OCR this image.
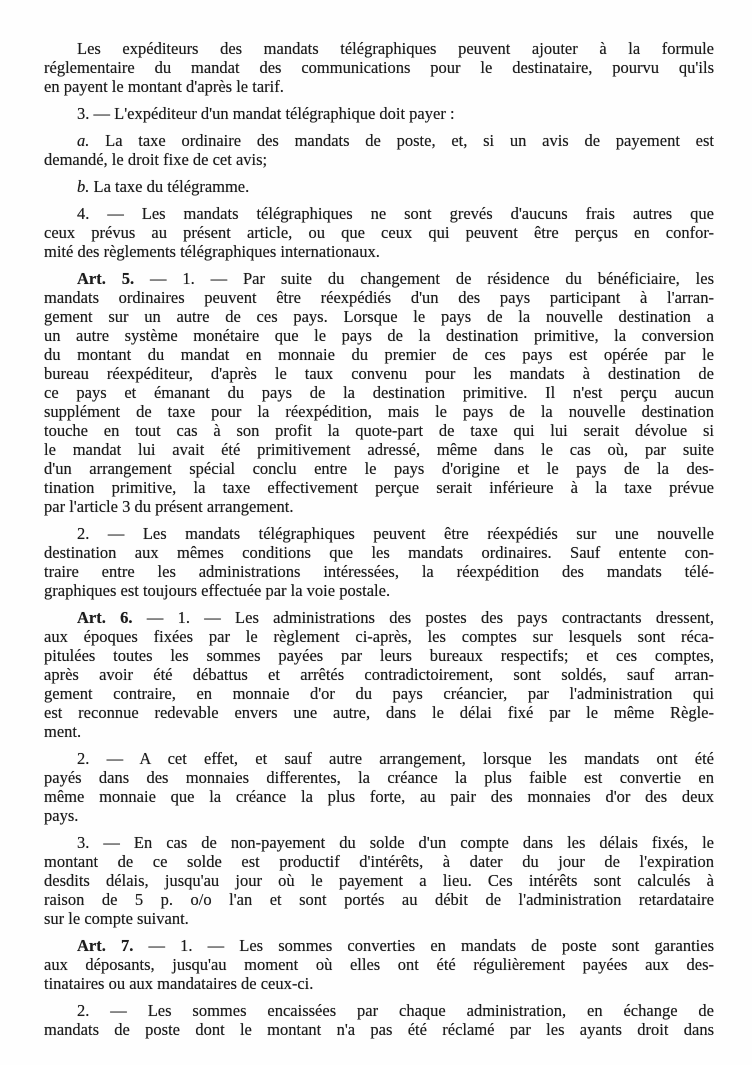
Les expéditeurs des mandats télégraphiques peuvent ajouter à la formule
réglementaire du mandat des communications pour le destinataire, pourvu qu'ils
en payent le montant d'après le tarif.
3. — L'expéditeur d'un mandat télégraphique doit payer :
a. La taxe ordinaire des mandats de poste, et, si un avis de payement est
demandé, le droit fixe de cet avis;
b. La taxe du télégramme.
4. — Les mandats télégraphiques ne sont grevés d'aucuns frais autres que
ceux prévus au présent article, ou que ceux qui peuvent être perçus en confor-
mité des règlements télégraphiques internationaux.
Art. 5. — 1. — Par suite du changement de résidence du bénéficiaire, les
mandats ordinaires peuvent être réexpédiés d'un des pays participant à l'arran-
gement sur un autre de ces pays. Lorsque le pays de la nouvelle destination a
un autre système monétaire que le pays de la destination primitive, la conversion
du montant du mandat en monnaie du premier de ces pays est opérée par le
bureau réexpéditeur, d'après le taux convenu pour les mandats à destination de
ce pays et émanant du pays de la destination primitive. Il n'est perçu aucun
supplément de taxe pour la réexpédition, mais le pays de la nouvelle destination
touche en tout cas à son profit la quote-part de taxe qui lui serait dévolue si
le mandat lui avait été primitivement adressé, même dans le cas où, par suite
d'un arrangement spécial conclu entre le pays d'origine et le pays de la des-
tination primitive, la taxe effectivement perçue serait inférieure à la taxe prévue
par l'article 3 du présent arrangement.
2. — Les mandats télégraphiques peuvent être réexpédiés sur une nouvelle
destination aux mêmes conditions que les mandats ordinaires. Sauf entente con-
traire entre les administrations intéressées, la réexpédition des mandats télé-
graphiques est toujours effectuée par la voie postale.
Art. 6. — 1. — Les administrations des postes des pays contractants dressent,
aux époques fixées par le règlement ci-après, les comptes sur lesquels sont réca-
pitulées toutes les sommes payées par leurs bureaux respectifs; et ces comptes,
après avoir été débattus et arrêtés contradictoirement, sont soldés, sauf arran-
gement contraire, en monnaie d'or du pays créancier, par l'administration qui
est reconnue redevable envers une autre, dans le délai fixé par le même Règle-
ment.
2. — A cet effet, et sauf autre arrangement, lorsque les mandats ont été
payés dans des monnaies differentes, la créance la plus faible est convertie en
même monnaie que la créance la plus forte, au pair des monnaies d'or des deux
pays.
3. — En cas de non-payement du solde d'un compte dans les délais fixés, le
montant de ce solde est productif d'intérêts, à dater du jour de l'expiration
desdits délais, jusqu'au jour où le payement a lieu. Ces intérêts sont calculés à
raison de 5 p. o/o l'an et sont portés au débit de l'administration retardataire
sur le compte suivant.
Art. 7. — 1. — Les sommes converties en mandats de poste sont garanties
aux déposants, jusqu'au moment où elles ont été régulièrement payées aux des-
tinataires ou aux mandataires de ceux-ci.
2. — Les sommes encaissées par chaque administration, en échange de
mandats de poste dont le montant n'a pas été réclamé par les ayants droit dans
